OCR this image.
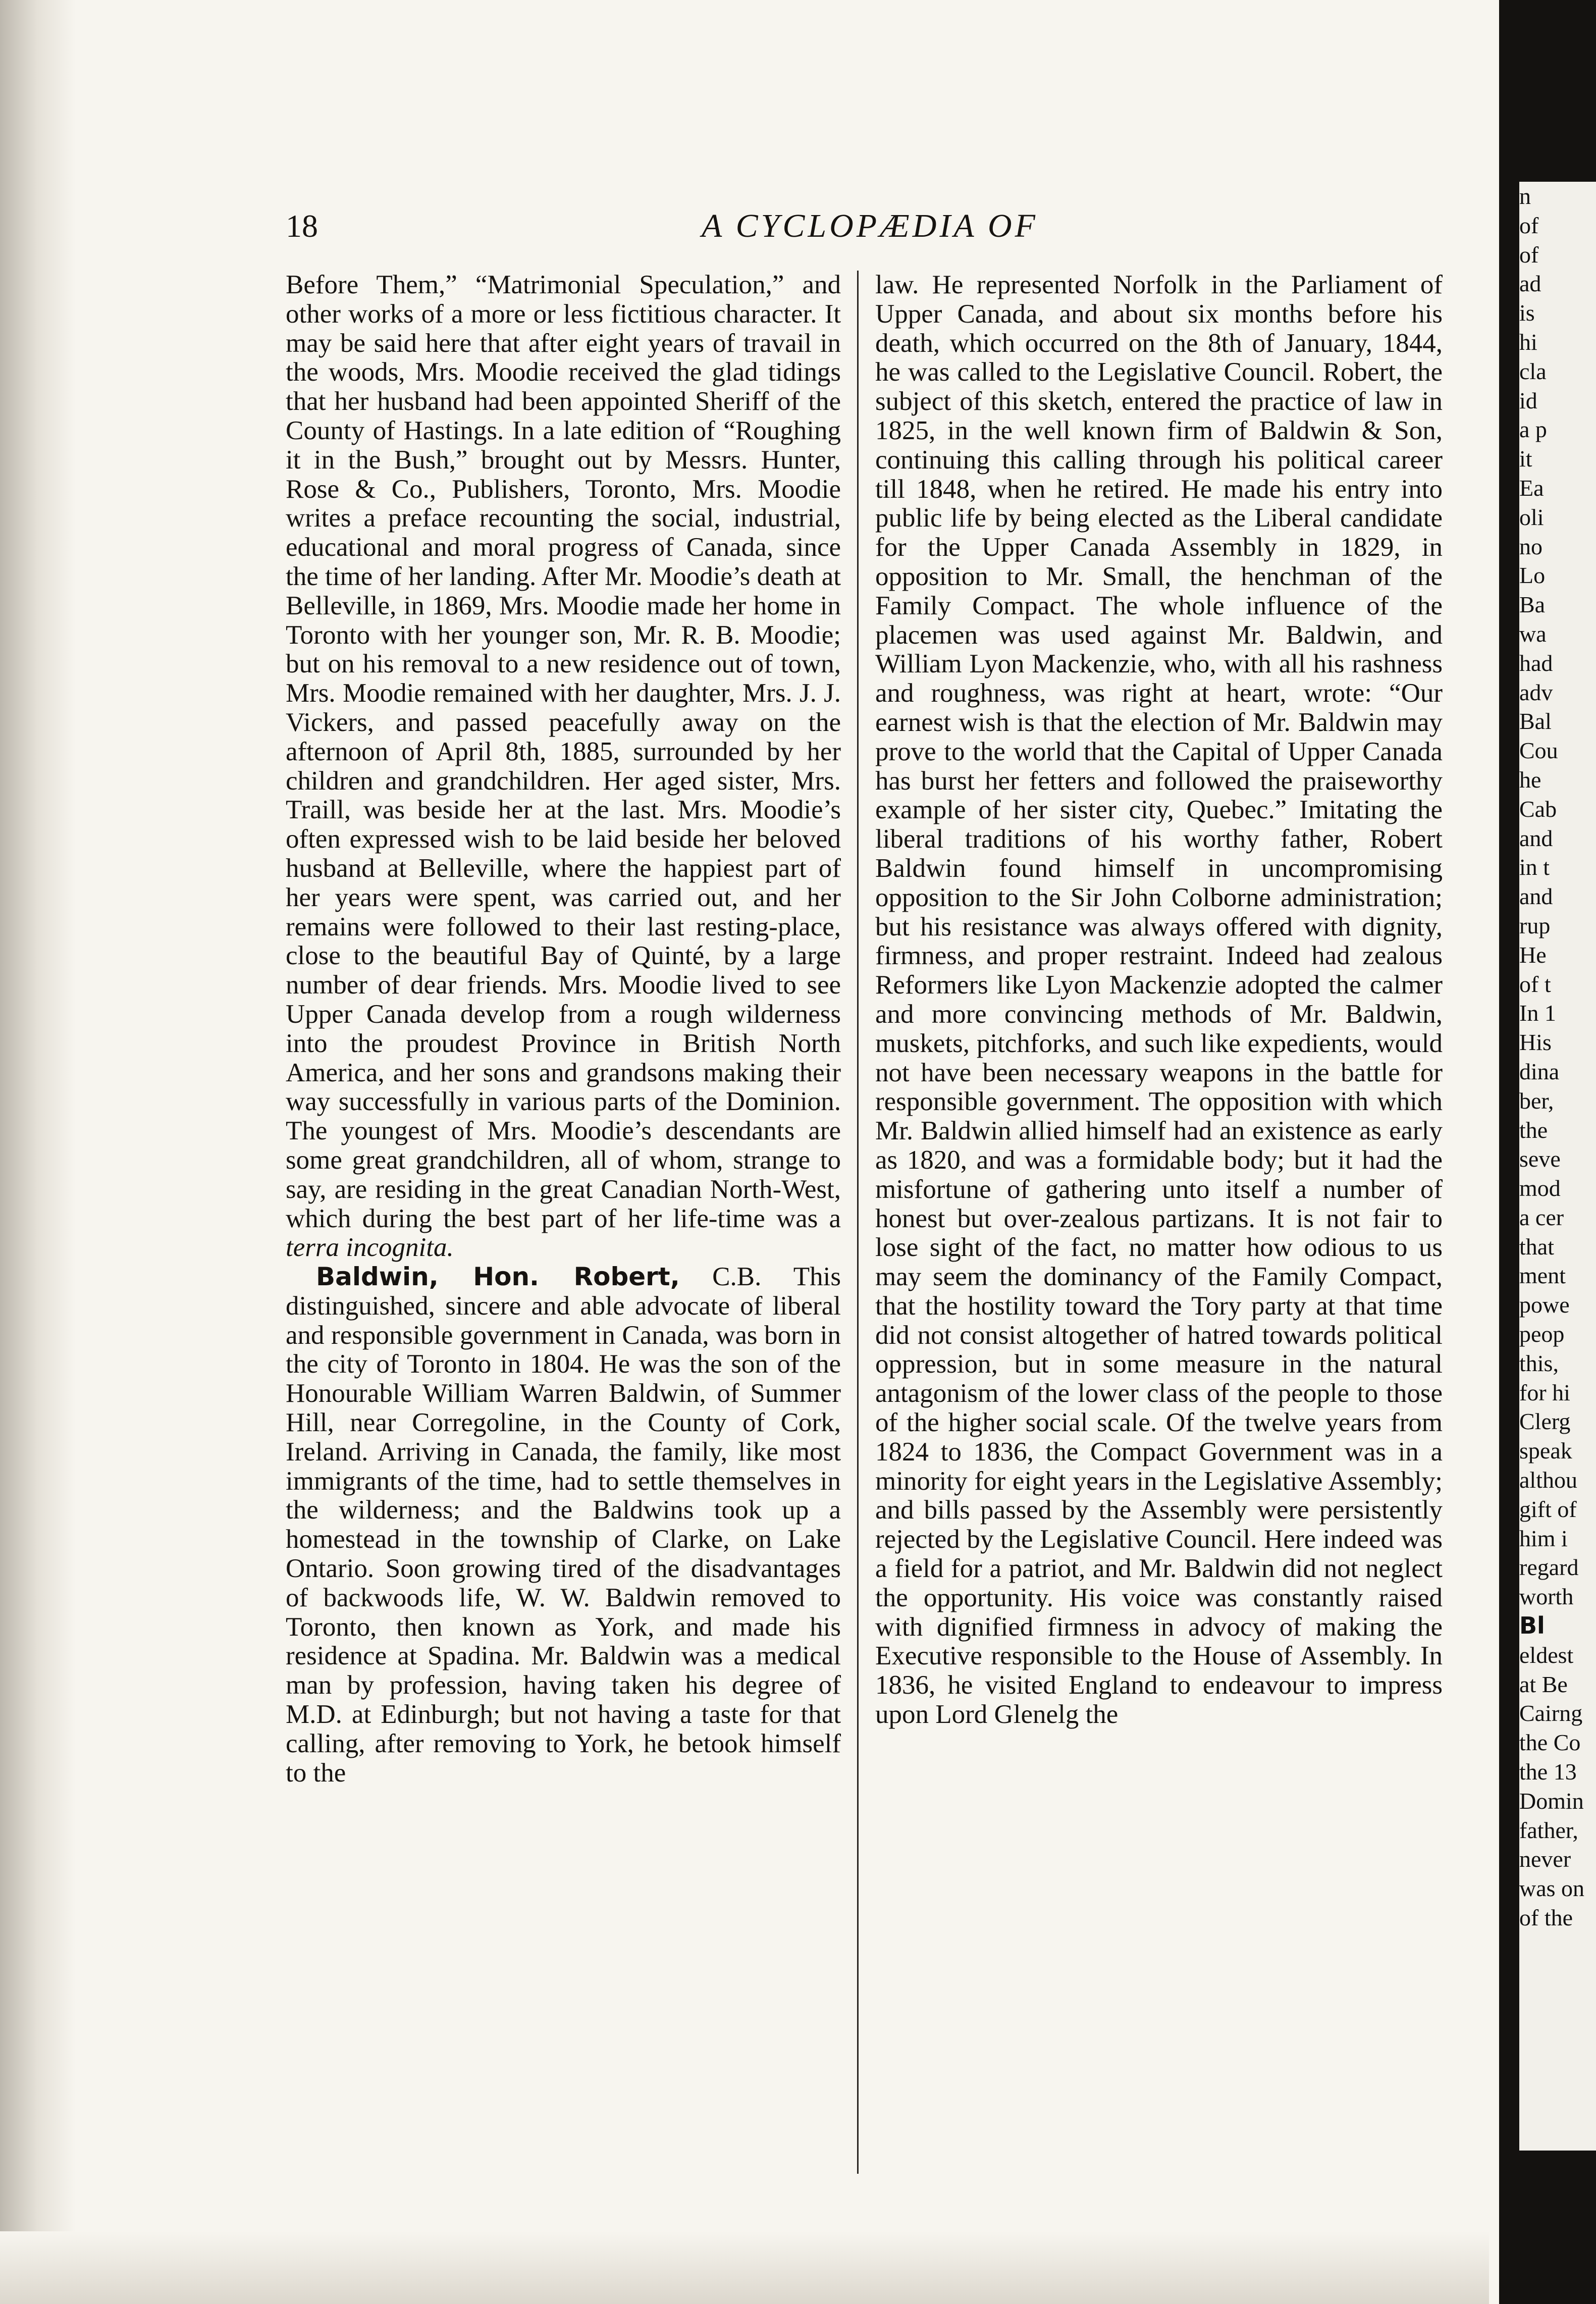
n
of
of
ad
is
hi
cla
id
a p
it
Ea
oli
no
Lo
Ba
wa
had
adv
Bal
Cou
he
Cab
and
in t
and
rup
He
of t
In 1
His
dina
ber,
the
seve
mod
a cer
that
ment
powe
peop
this,
for hi
Clerg
speak
althou
gift of
him i
regard
worth
Bl
eldest
at Be
Cairng
the Co
the 13
Domin
father,
never
was on
of the
18	A CYCLOPÆDIA OF

Before Them,” “Matrimonial Speculation,” and other works of a more or less fictitious character. It may be said here that after eight years of travail in the woods, Mrs. Moodie received the glad tidings that her husband had been appointed Sheriff of the County of Hastings. In a late edition of “Roughing it in the Bush,” brought out by Messrs. Hunter, Rose & Co., Publishers, Toronto, Mrs. Moodie writes a preface recounting the social, industrial, educational and moral progress of Canada, since the time of her landing. After Mr. Moodie’s death at Belleville, in 1869, Mrs. Moodie made her home in Toronto with her younger son, Mr. R. B. Moodie; but on his removal to a new residence out of town, Mrs. Moodie remained with her daughter, Mrs. J. J. Vickers, and passed peacefully away on the afternoon of April 8th, 1885, surrounded by her children and grandchildren. Her aged sister, Mrs. Traill, was beside her at the last. Mrs. Moodie’s often expressed wish to be laid beside her beloved husband at Belleville, where the happiest part of her years were spent, was carried out, and her remains were followed to their last resting-place, close to the beautiful Bay of Quinté, by a large number of dear friends. Mrs. Moodie lived to see Upper Canada develop from a rough wilderness into the proudest Province in British North America, and her sons and grandsons making their way successfully in various parts of the Dominion. The youngest of Mrs. Moodie’s descendants are some great grandchildren, all of whom, strange to say, are residing in the great Canadian North-West, which during the best part of her life-time was a terra incognita.

Baldwin, Hon. Robert, C.B. This distinguished, sincere and able advocate of liberal and responsible government in Canada, was born in the city of Toronto in 1804. He was the son of the Honourable William Warren Baldwin, of Summer Hill, near Corregoline, in the County of Cork, Ireland. Arriving in Canada, the family, like most immigrants of the time, had to settle themselves in the wilderness; and the Baldwins took up a homestead in the township of Clarke, on Lake Ontario. Soon growing tired of the disadvantages of backwoods life, W. W. Baldwin removed to Toronto, then known as York, and made his residence at Spadina. Mr. Baldwin was a medical man by profession, having taken his degree of M.D. at Edinburgh; but not having a taste for that calling, after removing to York, he betook himself to the

law. He represented Norfolk in the Parliament of Upper Canada, and about six months before his death, which occurred on the 8th of January, 1844, he was called to the Legislative Council. Robert, the subject of this sketch, entered the practice of law in 1825, in the well known firm of Baldwin & Son, continuing this calling through his political career till 1848, when he retired. He made his entry into public life by being elected as the Liberal candidate for the Upper Canada Assembly in 1829, in opposition to Mr. Small, the henchman of the Family Compact. The whole influence of the placemen was used against Mr. Baldwin, and William Lyon Mackenzie, who, with all his rashness and roughness, was right at heart, wrote: “Our earnest wish is that the election of Mr. Baldwin may prove to the world that the Capital of Upper Canada has burst her fetters and followed the praiseworthy example of her sister city, Quebec.” Imitating the liberal traditions of his worthy father, Robert Baldwin found himself in uncompromising opposition to the Sir John Colborne administration; but his resistance was always offered with dignity, firmness, and proper restraint. Indeed had zealous Reformers like Lyon Mackenzie adopted the calmer and more convincing methods of Mr. Baldwin, muskets, pitchforks, and such like expedients, would not have been necessary weapons in the battle for responsible government. The opposition with which Mr. Baldwin allied himself had an existence as early as 1820, and was a formidable body; but it had the misfortune of gathering unto itself a number of honest but over-zealous partizans. It is not fair to lose sight of the fact, no matter how odious to us may seem the dominancy of the Family Compact, that the hostility toward the Tory party at that time did not consist altogether of hatred towards political oppression, but in some measure in the natural antagonism of the lower class of the people to those of the higher social scale. Of the twelve years from 1824 to 1836, the Compact Government was in a minority for eight years in the Legislative Assembly; and bills passed by the Assembly were persistently rejected by the Legislative Council. Here indeed was a field for a patriot, and Mr. Baldwin did not neglect the opportunity. His voice was constantly raised with dignified firmness in advocy of making the Executive responsible to the House of Assembly. In 1836, he visited England to endeavour to impress upon Lord Glenelg the
